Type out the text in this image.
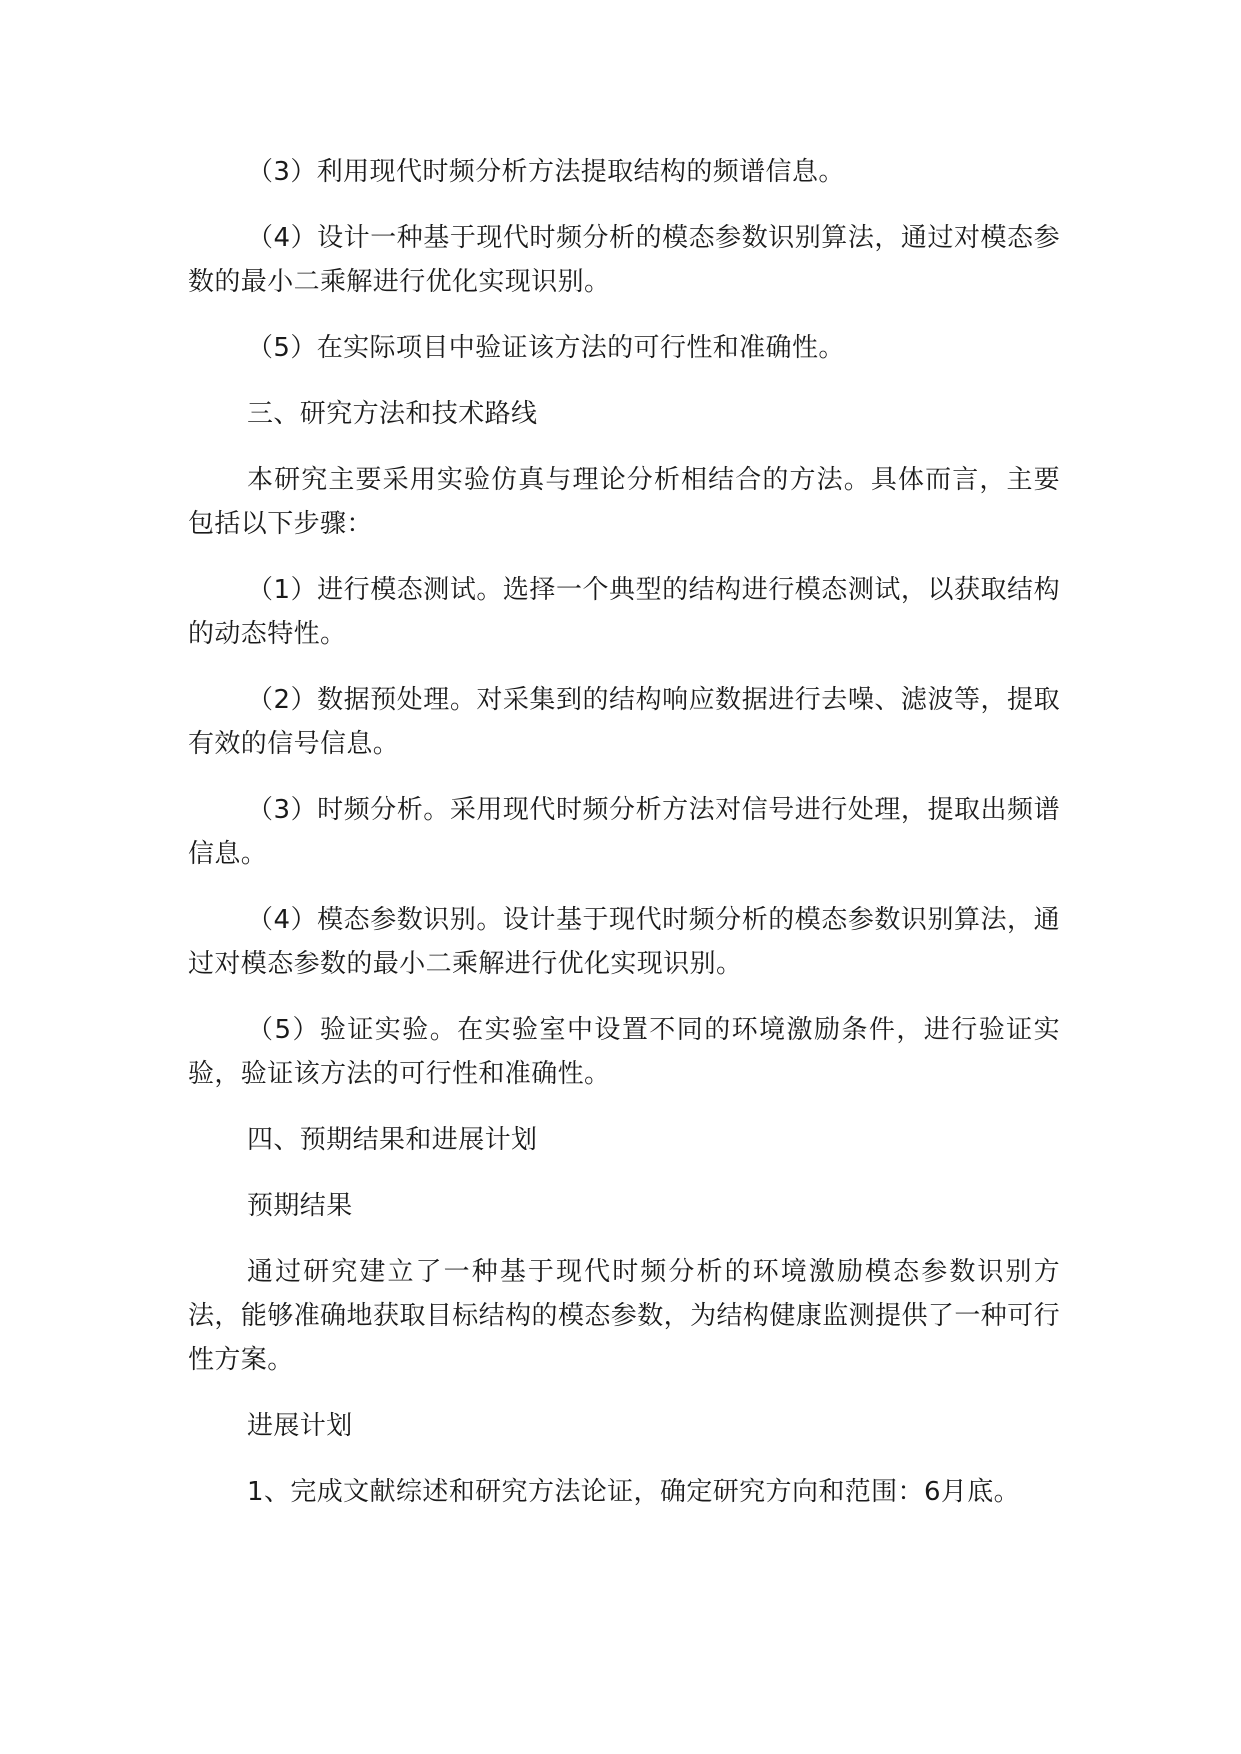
（3）利用现代时频分析方法提取结构的频谱信息。

（4）设计一种基于现代时频分析的模态参数识别算法，通过对模态参数的最小二乘解进行优化实现识别。

（5）在实际项目中验证该方法的可行性和准确性。

三、研究方法和技术路线

本研究主要采用实验仿真与理论分析相结合的方法。具体而言，主要包括以下步骤：

（1）进行模态测试。选择一个典型的结构进行模态测试，以获取结构的动态特性。

（2）数据预处理。对采集到的结构响应数据进行去噪、滤波等，提取有效的信号信息。

（3）时频分析。采用现代时频分析方法对信号进行处理，提取出频谱信息。

（4）模态参数识别。设计基于现代时频分析的模态参数识别算法，通过对模态参数的最小二乘解进行优化实现识别。

（5）验证实验。在实验室中设置不同的环境激励条件，进行验证实验，验证该方法的可行性和准确性。

四、预期结果和进展计划

预期结果

通过研究建立了一种基于现代时频分析的环境激励模态参数识别方法，能够准确地获取目标结构的模态参数，为结构健康监测提供了一种可行性方案。

进展计划

1、完成文献综述和研究方法论证，确定研究方向和范围：6月底。
